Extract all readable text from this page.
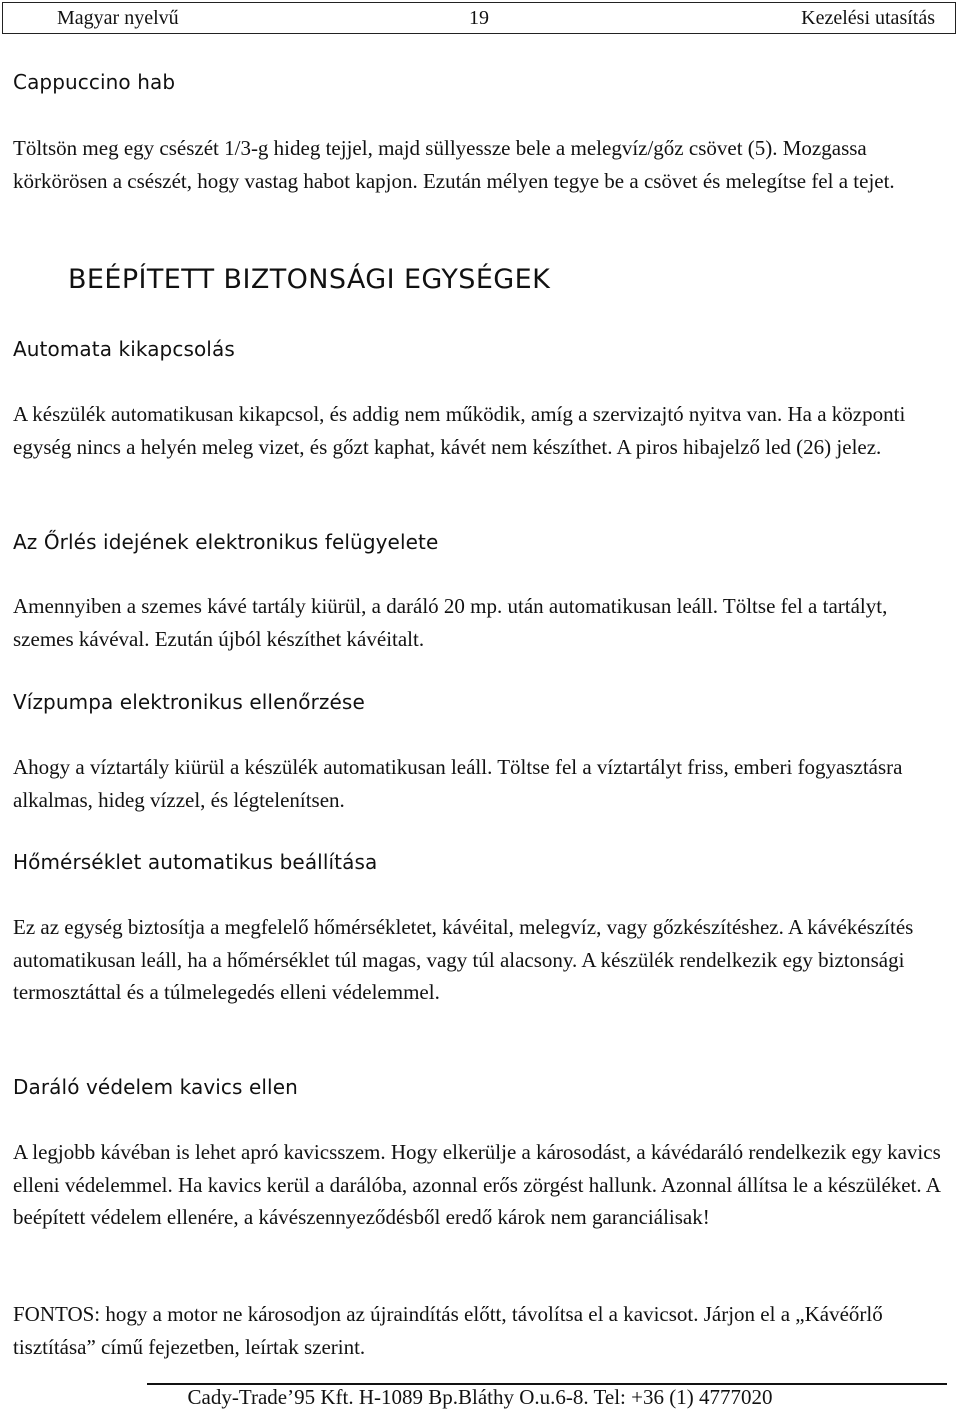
Magyar nyelvű	19	Kezelési utasítás
Cappuccino hab

Töltsön meg egy csészét 1/3-g hideg tejjel, majd süllyessze bele a melegvíz/gőz csövet (5). Mozgassa körkörösen a csészét, hogy vastag habot kapjon. Ezután mélyen tegye be a csövet és melegítse fel a tejet.

BEÉPÍTETT BIZTONSÁGI EGYSÉGEK
Automata kikapcsolás

A készülék automatikusan kikapcsol, és addig nem működik, amíg a szervizajtó nyitva van. Ha a központi egység nincs a helyén meleg vizet, és gőzt kaphat, kávét nem készíthet. A piros hibajelző led (26) jelez.

Az Őrlés idejének elektronikus felügyelete

Amennyiben a szemes kávé tartály kiürül, a daráló 20 mp. után automatikusan leáll. Töltse fel a tartályt, szemes kávéval. Ezután újból készíthet kávéitalt.

Vízpumpa elektronikus ellenőrzése

Ahogy a víztartály kiürül a készülék automatikusan leáll. Töltse fel a víztartályt friss, emberi fogyasztásra alkalmas, hideg vízzel, és légtelenítsen.

Hőmérséklet automatikus beállítása

Ez az egység biztosítja a megfelelő hőmérsékletet, kávéital, melegvíz, vagy gőzkészítéshez. A kávékészítés automatikusan leáll, ha a hőmérséklet túl magas, vagy túl alacsony. A készülék rendelkezik egy biztonsági termosztáttal és a túlmelegedés elleni védelemmel.

Daráló védelem kavics ellen

A legjobb kávéban is lehet apró kavicsszem. Hogy elkerülje a károsodást, a kávédaráló rendelkezik egy kavics elleni védelemmel. Ha kavics kerül a darálóba, azonnal erős zörgést hallunk. Azonnal állítsa le a készüléket. A beépített védelem ellenére, a kávészennyeződésből eredő károk nem garanciálisak!

FONTOS: hogy a motor ne károsodjon az újraindítás előtt, távolítsa el a kavicsot. Járjon el a „Kávéőrlő tisztítása” című fejezetben, leírtak szerint.

Cady-Trade’95 Kft. H-1089 Bp.Bláthy O.u.6-8. Tel: +36 (1) 4777020
